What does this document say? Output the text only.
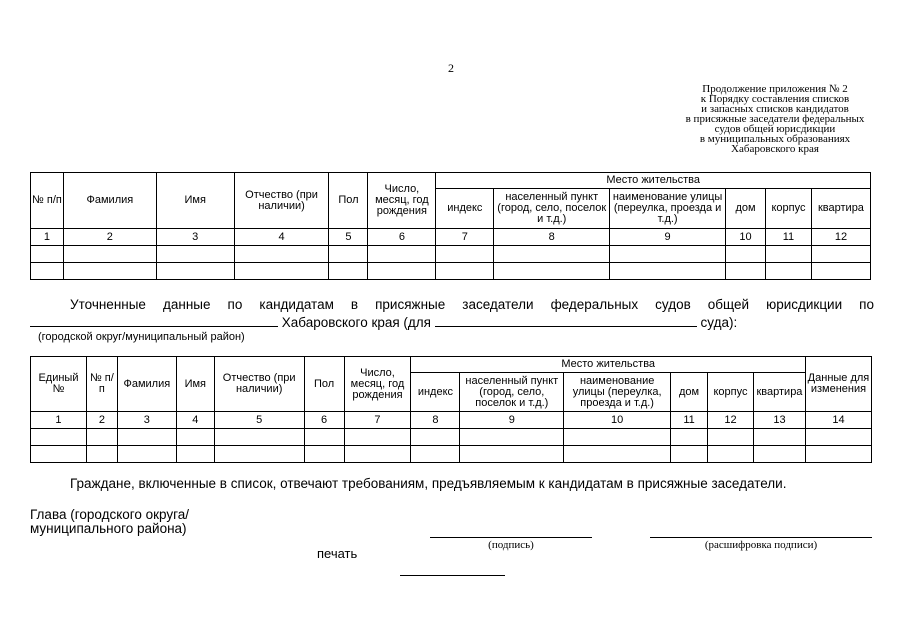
2
Продолжение приложения № 2
к Порядку составления списков
и запасных списков кандидатов
в присяжные заседатели федеральных
судов общей юрисдикции
в муниципальных образованиях
Хабаровского края
№ п/п	Фамилия	Имя	Отчество (при наличии)	Пол	Число, месяц, год рождения	Место жительства					
						индекс	населенный пункт (город, село, поселок и т.д.)	наименование улицы (переулка, проезда и т.д.)	дом	корпус	квартира
1	2	3	4	5	6	7	8	9	10	11	12

Уточненные данные по кандидатам в присяжные заседатели федеральных судов общей юрисдикции по
Хабаровского края (для	суда):
(городской округ/муниципальный район)
Единый №	№ п/п	Фамилия	Имя	Отчество (при наличии)	Пол	Число, месяц, год рождения	Место жительства						Данные для изменения
							индекс	населенный пункт (город, село, поселок и т.д.)	наименование улицы (переулка, проезда и т.д.)	дом	корпус	квартира	
1	2	3	4	5	6	7	8	9	10	11	12	13	14

Граждане, включенные в список, отвечают требованиям, предъявляемым к кандидатам в присяжные заседатели.
Глава (городского округа/
муниципального района)
(подпись)	(расшифровка подписи)
печать
